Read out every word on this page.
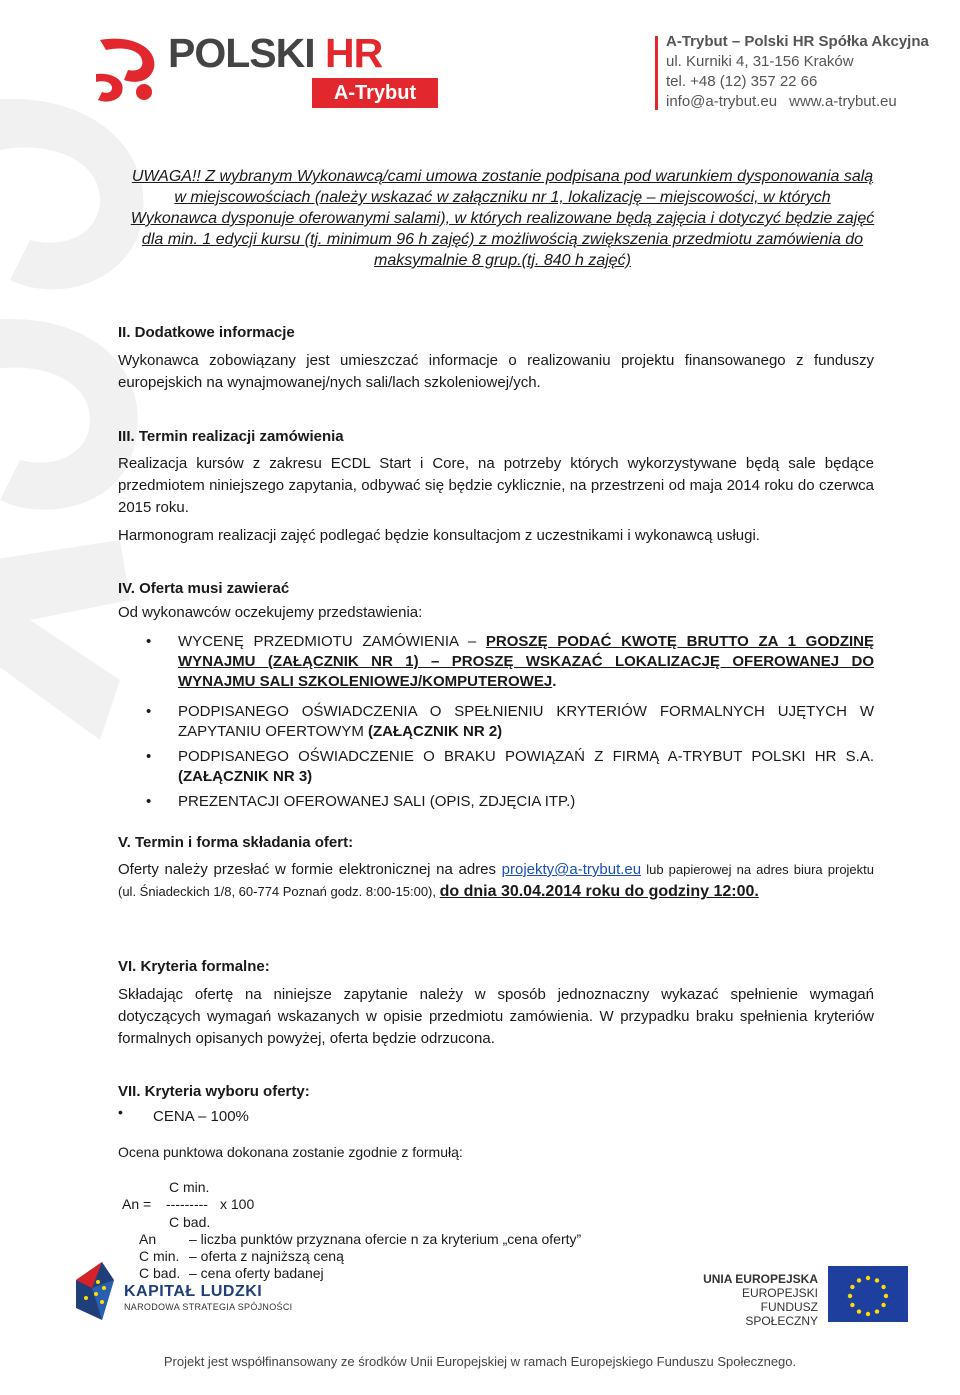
POLSKI HR
A-Trybut
A-Trybut – Polski HR Spółka Akcyjna
ul. Kurniki 4, 31-156 Kraków
tel. +48 (12) 357 22 66
info@a-trybut.eu www.a-trybut.eu
UWAGA!! Z wybranym Wykonawcą/cami umowa zostanie podpisana pod warunkiem dysponowania salą w miejscowościach (należy wskazać w załączniku nr 1, lokalizację – miejscowości, w których Wykonawca dysponuje oferowanymi salami), w których realizowane będą zajęcia i dotyczyć będzie zajęć dla min. 1 edycji kursu (tj. minimum 96 h zajęć) z możliwością zwiększenia przedmiotu zamówienia do maksymalnie 8 grup.(tj. 840 h zajęć)
II. Dodatkowe informacje
Wykonawca zobowiązany jest umieszczać informacje o realizowaniu projektu finansowanego z funduszy europejskich na wynajmowanej/nych sali/lach szkoleniowej/ych.
III. Termin realizacji zamówienia
Realizacja kursów z zakresu ECDL Start i Core, na potrzeby których wykorzystywane będą sale będące przedmiotem niniejszego zapytania, odbywać się będzie cyklicznie, na przestrzeni od maja 2014 roku do czerwca 2015 roku.
Harmonogram realizacji zajęć podlegać będzie konsultacjom z uczestnikami i wykonawcą usługi.
IV. Oferta musi zawierać
Od wykonawców oczekujemy przedstawienia:
• WYCENĘ PRZEDMIOTU ZAMÓWIENIA – PROSZĘ PODAĆ KWOTĘ BRUTTO ZA 1 GODZINĘ WYNAJMU (ZAŁĄCZNIK NR 1) – PROSZĘ WSKAZAĆ LOKALIZACJĘ OFEROWANEJ DO WYNAJMU SALI SZKOLENIOWEJ/KOMPUTEROWEJ.
• PODPISANEGO OŚWIADCZENIA O SPEŁNIENIU KRYTERIÓW FORMALNYCH UJĘTYCH W ZAPYTANIU OFERTOWYM (ZAŁĄCZNIK NR 2)
• PODPISANEGO OŚWIADCZENIE O BRAKU POWIĄZAŃ Z FIRMĄ A-TRYBUT POLSKI HR S.A. (ZAŁĄCZNIK NR 3)
• PREZENTACJI OFEROWANEJ SALI (OPIS, ZDJĘCIA ITP.)
V. Termin i forma składania ofert:
Oferty należy przesłać w formie elektronicznej na adres projekty@a-trybut.eu lub papierowej na adres biura projektu (ul. Śniadeckich 1/8, 60-774 Poznań godz. 8:00-15:00), do dnia 30.04.2014 roku do godziny 12:00.
VI. Kryteria formalne:
Składając ofertę na niniejsze zapytanie należy w sposób jednoznaczny wykazać spełnienie wymagań dotyczących wymagań wskazanych w opisie przedmiotu zamówienia. W przypadku braku spełnienia kryteriów formalnych opisanych powyżej, oferta będzie odrzucona.
VII. Kryteria wyboru oferty:
• CENA – 100%
Ocena punktowa dokonana zostanie zgodnie z formułą:
C min.
An = --------- x 100
C bad.
An – liczba punktów przyznana ofercie n za kryterium „cena oferty”
C min. – oferta z najniższą ceną
C bad. – cena oferty badanej
KAPITAŁ LUDZKI
NARODOWA STRATEGIA SPÓJNOŚCI
UNIA EUROPEJSKA
EUROPEJSKI
FUNDUSZ SPOŁECZNY
Projekt jest współfinansowany ze środków Unii Europejskiej w ramach Europejskiego Funduszu Społecznego.
